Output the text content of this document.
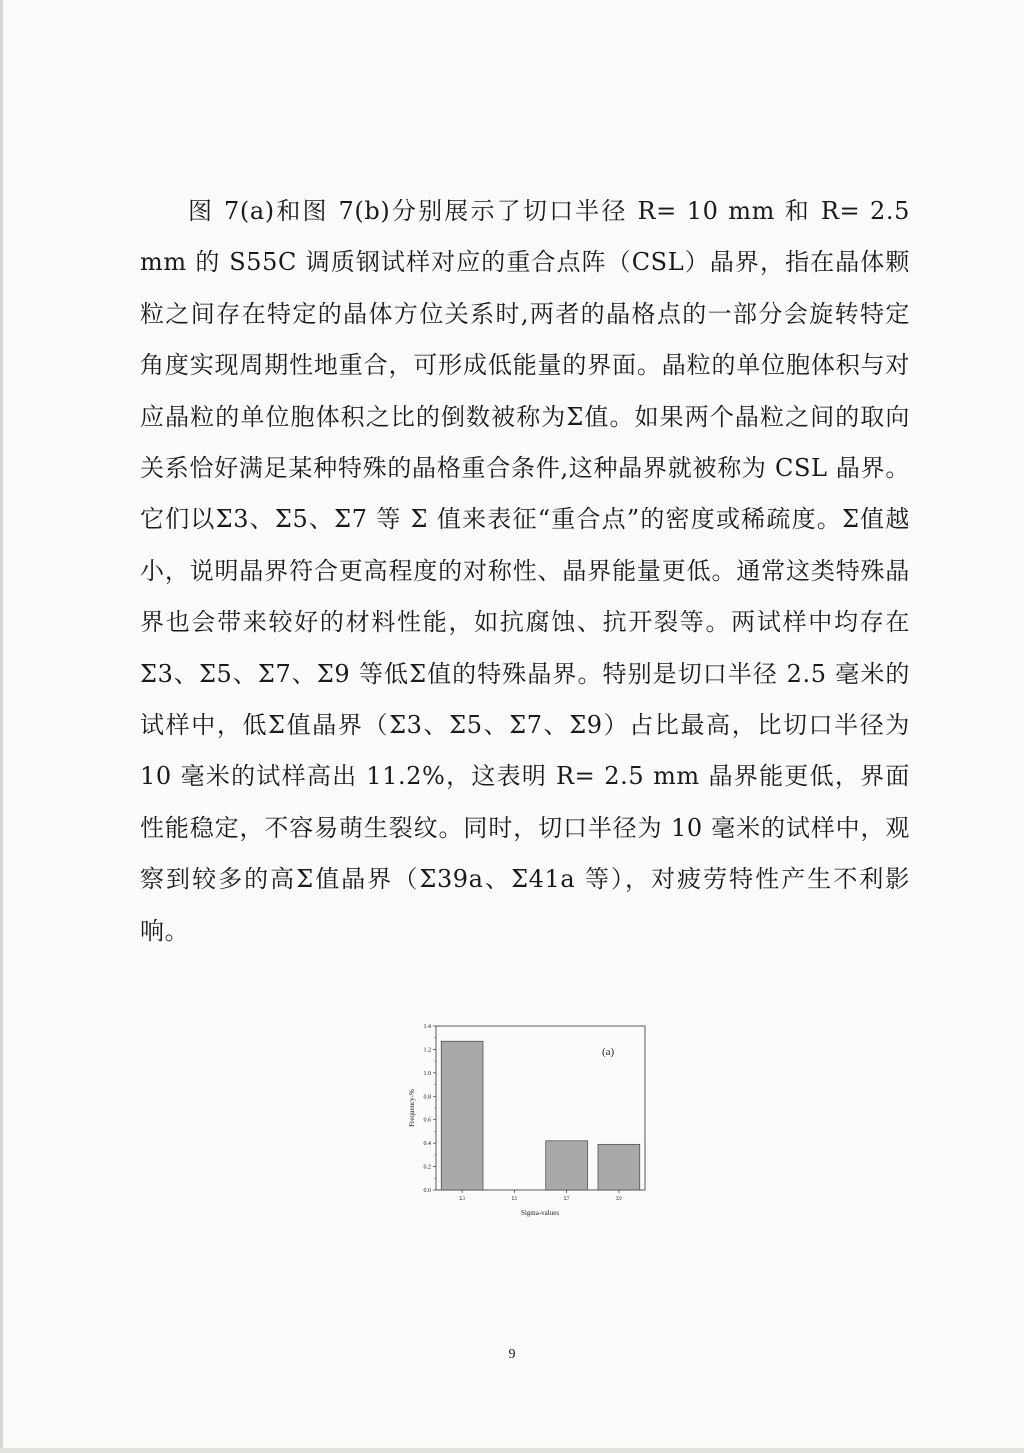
图 7(a)和图 7(b)分别展示了切口半径 R= 10 mm 和 R= 2.5 mm 的 S55C 调质钢试样对应的重合点阵（CSL）晶界，指在晶体颗粒之间存在特定的晶体方位关系时,两者的晶格点的一部分会旋转特定角度实现周期性地重合，可形成低能量的界面。晶粒的单位胞体积与对应晶粒的单位胞体积之比的倒数被称为Σ值。如果两个晶粒之间的取向关系恰好满足某种特殊的晶格重合条件,这种晶界就被称为 CSL 晶界。它们以Σ3、Σ5、Σ7 等 Σ 值来表征“重合点”的密度或稀疏度。Σ值越小，说明晶界符合更高程度的对称性、晶界能量更低。通常这类特殊晶界也会带来较好的材料性能，如抗腐蚀、抗开裂等。两试样中均存在Σ3、Σ5、Σ7、Σ9 等低Σ值的特殊晶界。特别是切口半径 2.5 毫米的试样中，低Σ值晶界（Σ3、Σ5、Σ7、Σ9）占比最高，比切口半径为 10 毫米的试样高出 11.2%，这表明 R= 2.5 mm 晶界能更低，界面性能稳定，不容易萌生裂纹。同时，切口半径为 10 毫米的试样中，观察到较多的高Σ值晶界（Σ39a、Σ41a 等），对疲劳特性产生不利影响。

(a)
Sigma-values
Frequency-%
0.0
0.2
0.4
0.6
0.8
1.0
1.2
1.4
Σ3	Σ5	Σ7	Σ9
9
